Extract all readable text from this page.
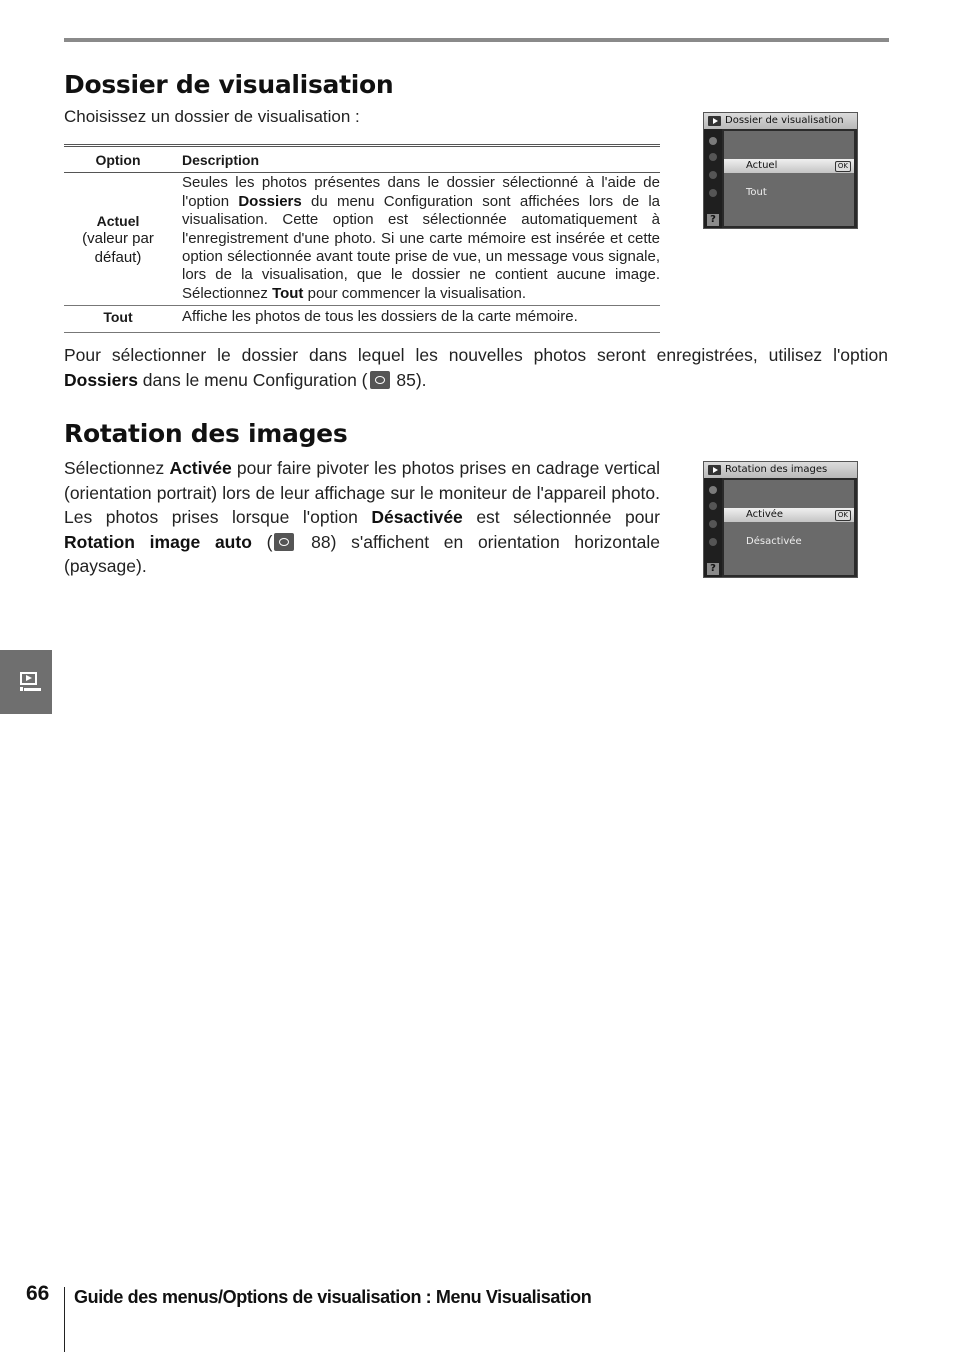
Dossier de visualisation
Choisissez un dossier de visualisation :
Option	Description

Actuel
(valeur par défaut)	Seules les photos présentes dans le dossier sélectionné à l'aide de l'option Dossiers du menu Configuration sont affichées lors de la visualisation. Cette option est sélectionnée automatiquement à l'enregistrement d'une photo. Si une carte mémoire est insérée et cette option sélectionnée avant toute prise de vue, un message vous signale, lors de la visualisation, que le dossier ne contient aucune image. Sélectionnez Tout pour commencer la visualisation.

Tout	Affiche les photos de tous les dossiers de la carte mémoire.
Dossier de visualisation
?
Actuel	OK
Tout

Pour sélectionner le dossier dans lequel les nouvelles photos seront enregistrées, utilisez l'option Dossiers dans le menu Configuration ( 85).

Rotation des images

Sélectionnez Activée pour faire pivoter les photos prises en cadrage vertical (orientation portrait) lors de leur affichage sur le moniteur de l'appareil photo. Les photos prises lorsque l'option Désactivée est sélectionnée pour Rotation image auto ( 88) s'affichent en orientation horizontale (paysage).

Rotation des images
?
Activée	OK
Désactivée
66 Guide des menus/Options de visualisation : Menu Visualisation
